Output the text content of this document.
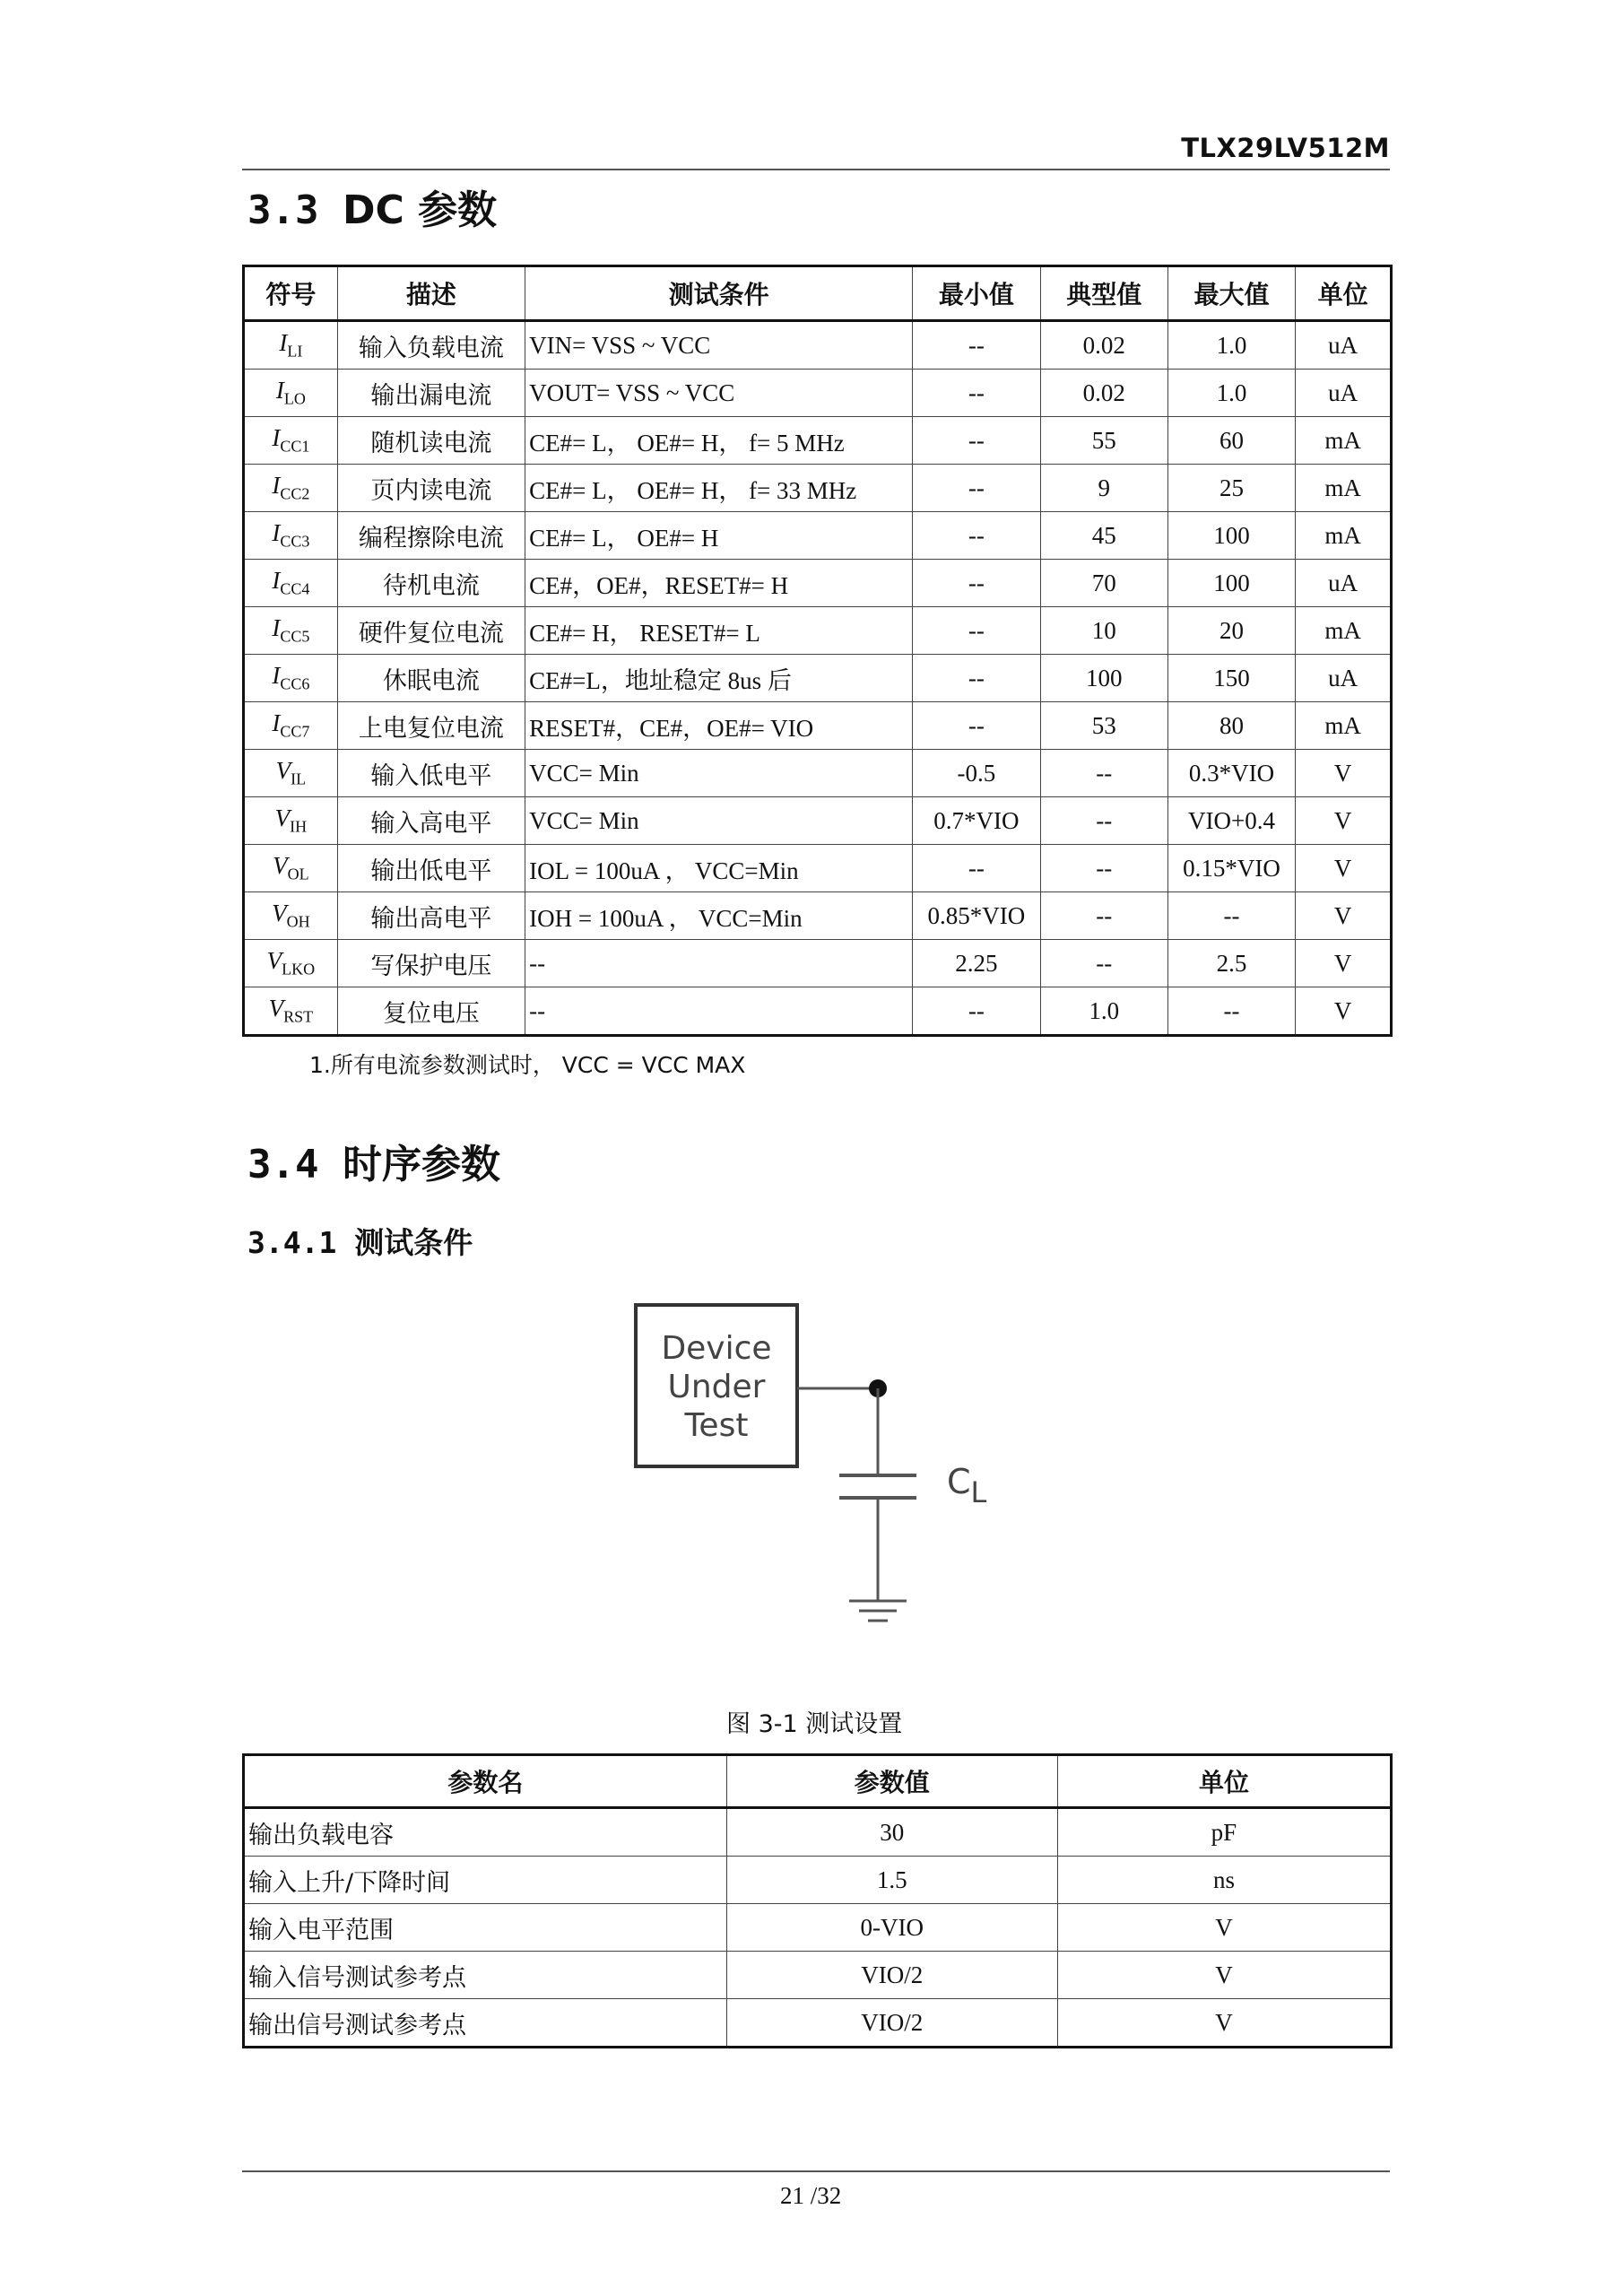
TLX29LV512M
3.3 DC 参数
符号	描述	测试条件	最小值	典型值	最大值	单位
$I_{LI}$	输入负载电流	VIN= VSS ~ VCC	--	0.02	1.0	uA
$I_{LO}$	输出漏电流	VOUT= VSS ~ VCC	--	0.02	1.0	uA
$I_{CC1}$	随机读电流	CE#= L， OE#= H， f= 5 MHz	--	55	60	mA
$I_{CC2}$	页内读电流	CE#= L， OE#= H， f= 33 MHz	--	9	25	mA
$I_{CC3}$	编程擦除电流	CE#= L， OE#= H	--	45	100	mA
$I_{CC4}$	待机电流	CE#，OE#，RESET#= H	--	70	100	uA
$I_{CC5}$	硬件复位电流	CE#= H， RESET#= L	--	10	20	mA
$I_{CC6}$	休眠电流	CE#=L，地址稳定 8us 后	--	100	150	uA
$I_{CC7}$	上电复位电流	RESET#，CE#，OE#= VIO	--	53	80	mA
$V_{IL}$	输入低电平	VCC= Min	-0.5	--	0.3*VIO	V
$V_{IH}$	输入高电平	VCC= Min	0.7*VIO	--	VIO+0.4	V
$V_{OL}$	输出低电平	IOL = 100uA ， VCC=Min	--	--	0.15*VIO	V
$V_{OH}$	输出高电平	IOH = 100uA ， VCC=Min	0.85*VIO	--	--	V
$V_{LKO}$	写保护电压	--	2.25	--	2.5	V
$V_{RST}$	复位电压	--	--	1.0	--	V
1.所有电流参数测试时， VCC = VCC MAX
3.4 时序参数
3.4.1 测试条件
Device
Under
Test
$C_L$
图 3-1 测试设置
参数名	参数值	单位
输出负载电容	30	pF
输入上升/下降时间	1.5	ns
输入电平范围	0-VIO	V
输入信号测试参考点	VIO/2	V
输出信号测试参考点	VIO/2	V
21 /32
